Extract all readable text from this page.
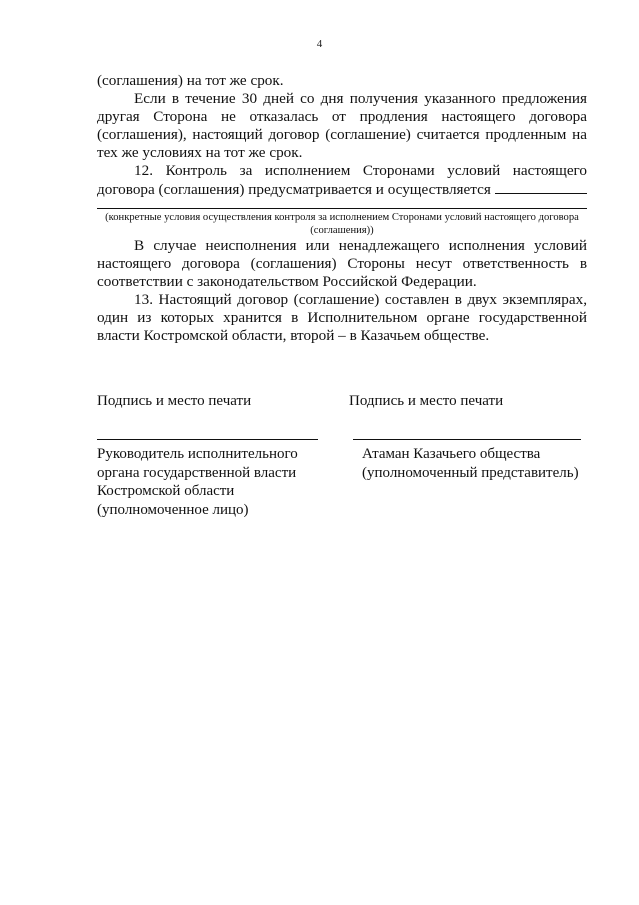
4

(соглашения) на тот же срок.

Если в течение 30 дней со дня получения указанного предложения другая Сторона не отказалась от продления настоящего договора (соглашения), настоящий договор (соглашение) считается продленным на тех же условиях на тот же срок.

12. Контроль за исполнением Сторонами условий настоящего договора (соглашения) предусматривается и осуществляется

(конкретные условия осуществления контроля за исполнением Сторонами условий настоящего договора (соглашения))

В случае неисполнения или ненадлежащего исполнения условий настоящего договора (соглашения) Стороны несут ответственность в соответствии с законодательством Российской Федерации.

13. Настоящий договор (соглашение) составлен в двух экземплярах, один из которых хранится в Исполнительном органе государственной власти Костромской области, второй – в Казачьем обществе.

Подпись и место печати	Подпись и место печати
Руководитель исполнительного
органа государственной власти
Костромской области
(уполномоченное лицо)
Атаман Казачьего общества
(уполномоченный представитель)
